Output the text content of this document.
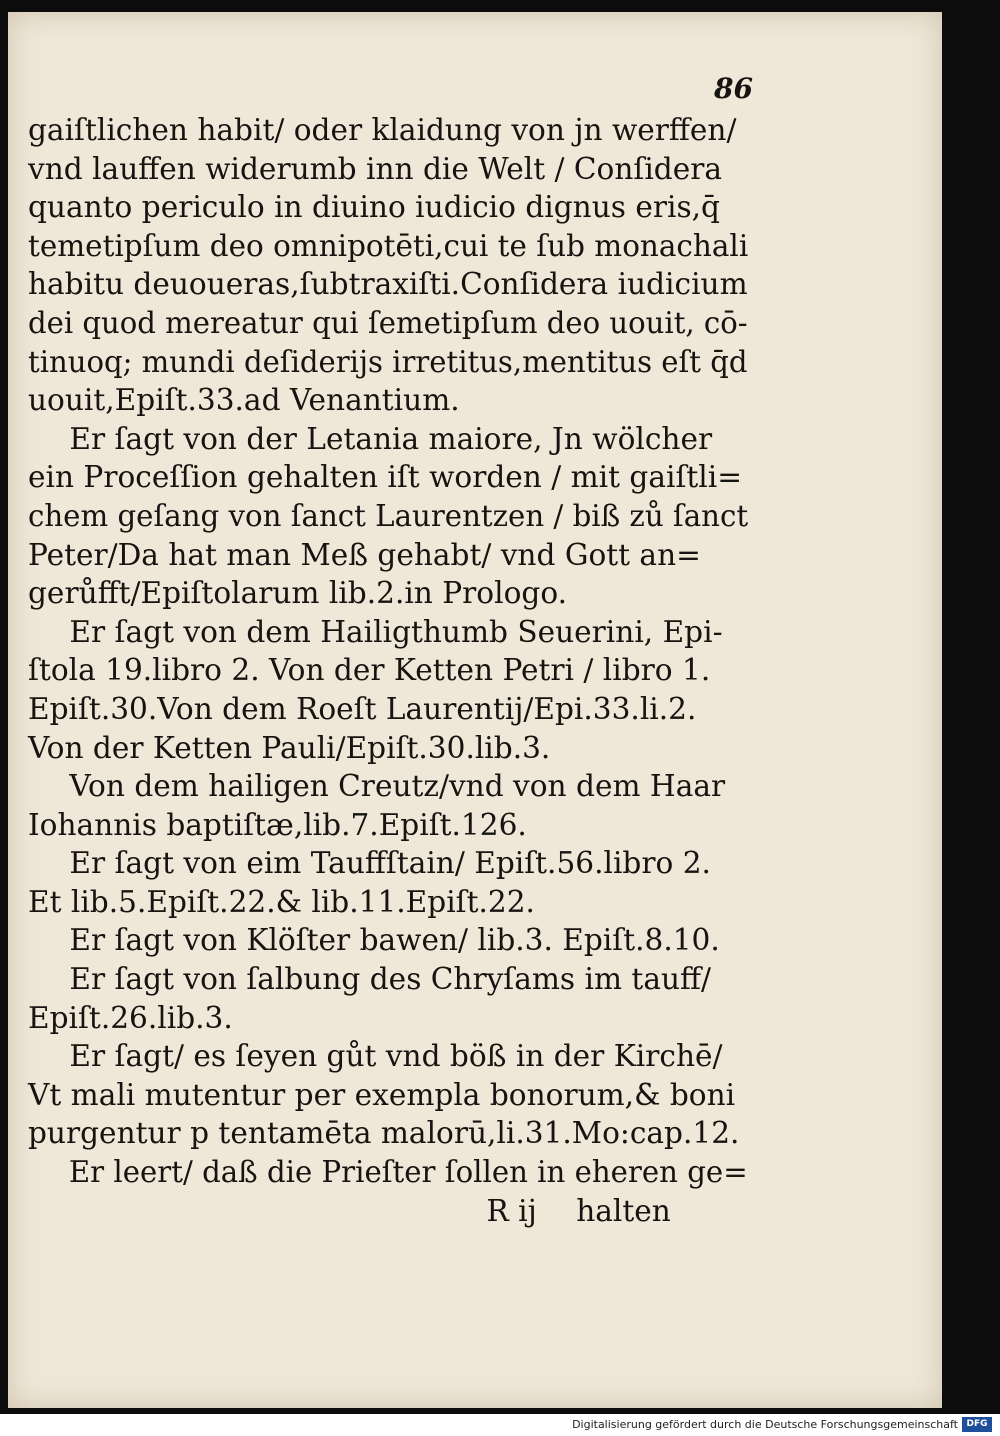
86
gaiſtlichen habit/ oder klaidung von jn werffen/
vnd lauffen widerumb inn die Welt / Conſidera
quanto periculo in diuino iudicio dignus eris,q̄
temetipſum deo omnipotēti,cui te ſub monachali
habitu deuoueras,ſubtraxiſti.Conſidera iudicium
dei quod mereatur qui ſemetipſum deo uouit, cō-
tinuoq; mundi deſiderijs irretitus,mentitus eſt q̄d
uouit,Epiſt.33.ad Venantium.
Er ſagt von der Letania maiore, Jn wölcher
ein Proceſſion gehalten iſt worden / mit gaiſtli=
chem geſang von ſanct Laurentzen / biß zů ſanct
Peter/Da hat man Meß gehabt/ vnd Gott an=
gerůfft/Epiſtolarum lib.2.in Prologo.
Er ſagt von dem Hailigthumb Seuerini, Epi-
ſtola 19.libro 2. Von der Ketten Petri / libro 1.
Epiſt.30.Von dem Roeſt Laurentij/Epi.33.li.2.
Von der Ketten Pauli/Epiſt.30.lib.3.
Von dem hailigen Creutz/vnd von dem Haar
Iohannis baptiſtæ,lib.7.Epiſt.126.
Er ſagt von eim Tauffſtain/ Epiſt.56.libro 2.
Et lib.5.Epiſt.22.& lib.11.Epiſt.22.
Er ſagt von Klöſter bawen/ lib.3. Epiſt.8.10.
Er ſagt von ſalbung des Chryſams im tauff/
Epiſt.26.lib.3.
Er ſagt/ es ſeyen gůt vnd böß in der Kirchē/
Vt mali mutentur per exempla bonorum,& boni
purgentur p tentamēta malorū,li.31.Mo:cap.12.
Er leert/ daß die Prieſter ſollen in eheren ge=
R ij halten
Digitalisierung gefördert durch die Deutsche Forschungsgemeinschaft DFG
